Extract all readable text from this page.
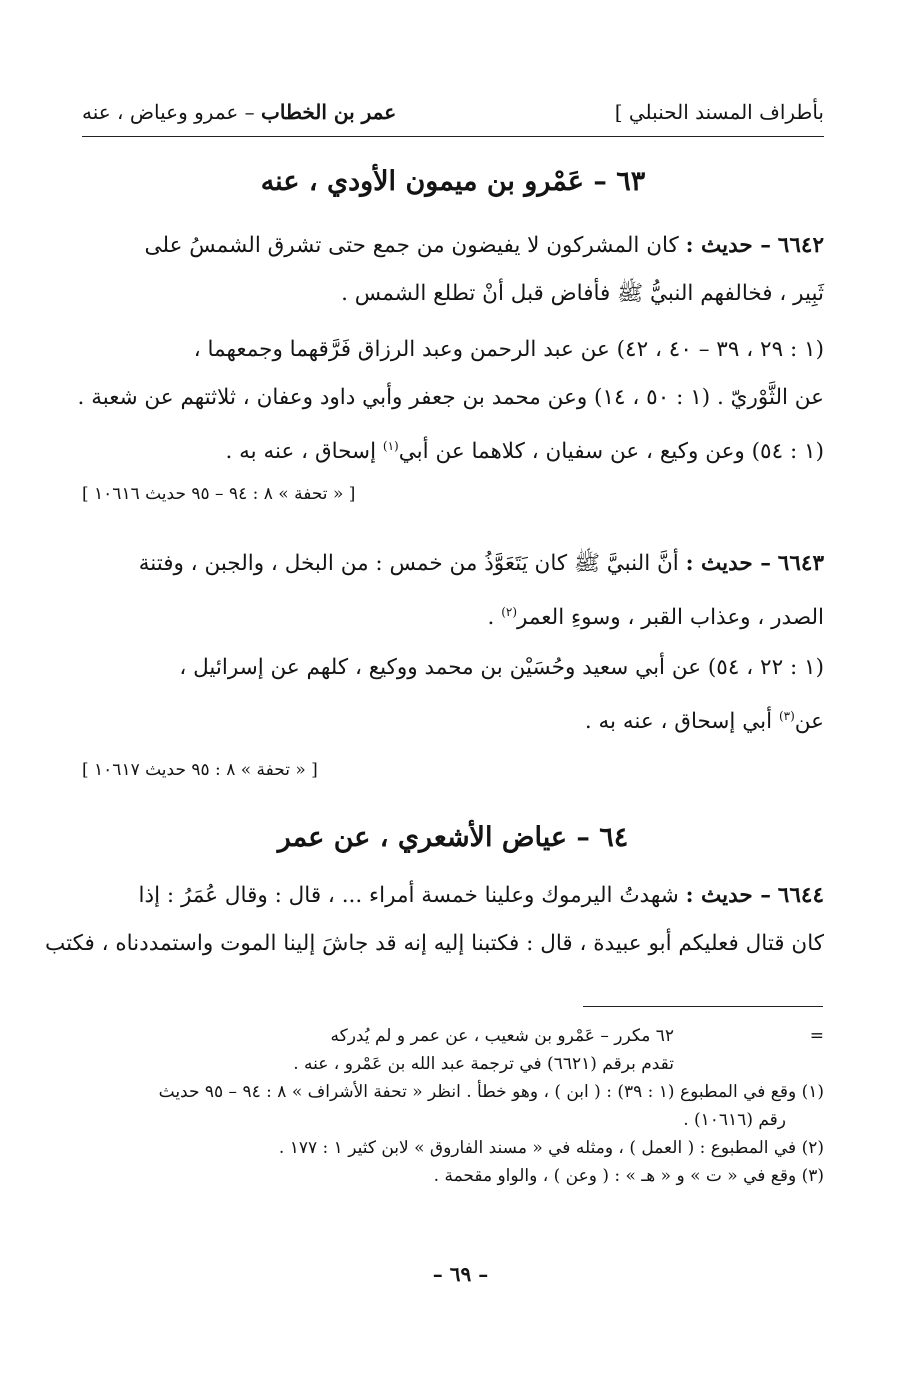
عمر بن الخطاب – عمرو وعياض ، عنه	بأطراف المسند الحنبلي ]
٦٣ – عَمْرو بن ميمون الأودي ، عنه
٦٦٤٢ – حديث : كان المشركون لا يفيضون من جمع حتى تشرق الشمسُ على
ثَبِير ، فخالفهم النبيُّ ﷺ فأفاض قبل أنْ تطلع الشمس .
(١ : ٢٩ ، ٣٩ – ٤٠ ، ٤٢) عن عبد الرحمن وعبد الرزاق فَرَّقهما وجمعهما ،
عن الثَّوْريّ . (١ : ٥٠ ، ١٤) وعن محمد بن جعفر وأبي داود وعفان ، ثلاثتهم عن شعبة .
(١ : ٥٤) وعن وكيع ، عن سفيان ، كلاهما عن أبي$^{(١)}$ إسحاق ، عنه به .
[ « تحفة » ٨ : ٩٤ – ٩٥ حديث ١٠٦١٦ ]
٦٦٤٣ – حديث : أنَّ النبيَّ ﷺ كان يَتَعَوَّذُ من خمس : من البخل ، والجبن ، وفتنة
الصدر ، وعذاب القبر ، وسوءِ العمر$^{(٢)}$ .
(١ : ٢٢ ، ٥٤) عن أبي سعيد وحُسَيْن بن محمد ووكيع ، كلهم عن إسرائيل ،
عن$^{(٣)}$ أبي إسحاق ، عنه به .
[ « تحفة » ٨ : ٩٥ حديث ١٠٦١٧ ]
٦٤ – عياض الأشعري ، عن عمر
٦٦٤٤ – حديث : شهدتُ اليرموك وعلينا خمسة أمراء ... ، قال : وقال عُمَرُ : إذا
كان قتال فعليكم أبو عبيدة ، قال : فكتبنا إليه إنه قد جاشَ إلينا الموت واستمددناه ، فكتب
=٦٢ مكرر – عَمْرو بن شعيب ، عن عمر و لم يُدركه
تقدم برقم (٦٦٢١) في ترجمة عبد الله بن عَمْرو ، عنه .
(١) وقع في المطبوع (١ : ٣٩) : ( ابن ) ، وهو خطأ . انظر « تحفة الأشراف » ٨ : ٩٤ – ٩٥ حديث
رقم (١٠٦١٦) .
(٢) في المطبوع : ( العمل ) ، ومثله في « مسند الفاروق » لابن كثير ١ : ١٧٧ .
(٣) وقع في « ت » و « هـ » : ( وعن ) ، والواو مقحمة .
– ٦٩ –
